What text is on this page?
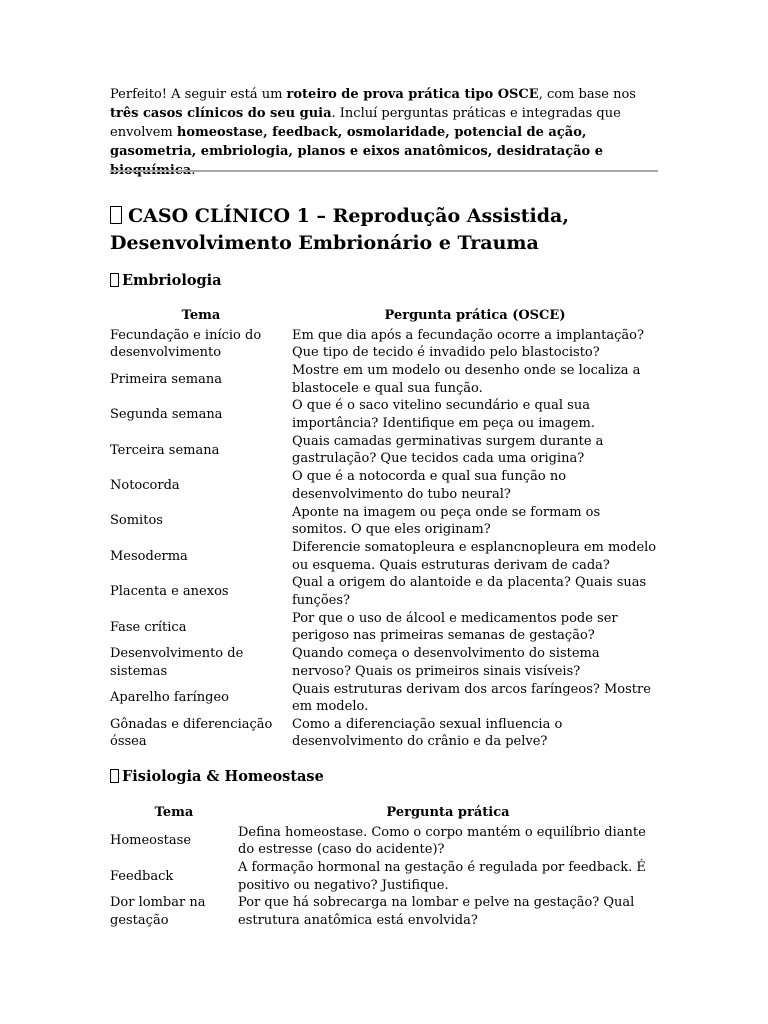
Perfeito! A seguir está um roteiro de prova prática tipo OSCE, com base nos três casos clínicos do seu guia. Incluí perguntas práticas e integradas que envolvem homeostase, feedback, osmolaridade, potencial de ação, gasometria, embriologia, planos e eixos anatômicos, desidratação e bioquímica.

CASO CLÍNICO 1 – Reprodução Assistida, Desenvolvimento Embrionário e Trauma
Embriologia
Tema	Pergunta prática (OSCE)
Fecundação e início do desenvolvimento	Em que dia após a fecundação ocorre a implantação? Que tipo de tecido é invadido pelo blastocisto?
Primeira semana	Mostre em um modelo ou desenho onde se localiza a blastocele e qual sua função.
Segunda semana	O que é o saco vitelino secundário e qual sua importância? Identifique em peça ou imagem.
Terceira semana	Quais camadas germinativas surgem durante a gastrulação? Que tecidos cada uma origina?
Notocorda	O que é a notocorda e qual sua função no desenvolvimento do tubo neural?
Somitos	Aponte na imagem ou peça onde se formam os somitos. O que eles originam?
Mesoderma	Diferencie somatopleura e esplancnopleura em modelo ou esquema. Quais estruturas derivam de cada?
Placenta e anexos	Qual a origem do alantoide e da placenta? Quais suas funções?
Fase crítica	Por que o uso de álcool e medicamentos pode ser perigoso nas primeiras semanas de gestação?
Desenvolvimento de sistemas	Quando começa o desenvolvimento do sistema nervoso? Quais os primeiros sinais visíveis?
Aparelho faríngeo	Quais estruturas derivam dos arcos faríngeos? Mostre em modelo.
Gônadas e diferenciação óssea	Como a diferenciação sexual influencia o desenvolvimento do crânio e da pelve?
Fisiologia & Homeostase
Tema	Pergunta prática
Homeostase	Defina homeostase. Como o corpo mantém o equilíbrio diante do estresse (caso do acidente)?
Feedback	A formação hormonal na gestação é regulada por feedback. É positivo ou negativo? Justifique.
Dor lombar na gestação	Por que há sobrecarga na lombar e pelve na gestação? Qual estrutura anatômica está envolvida?
